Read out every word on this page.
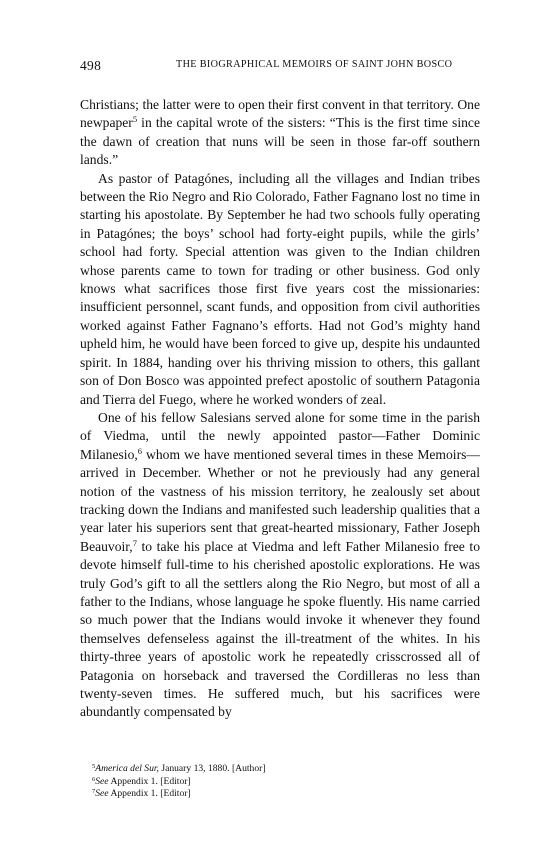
498	THE BIOGRAPHICAL MEMOIRS OF SAINT JOHN BOSCO

Christians; the latter were to open their first convent in that territory. One newpaper$^5$ in the capital wrote of the sisters: “This is the first time since the dawn of creation that nuns will be seen in those far-off southern lands.”

As pastor of Patagónes, including all the villages and Indian tribes between the Rio Negro and Rio Colorado, Father Fagnano lost no time in starting his apostolate. By September he had two schools fully operating in Patagónes; the boys’ school had forty-eight pupils, while the girls’ school had forty. Special attention was given to the Indian children whose parents came to town for trading or other business. God only knows what sacrifices those first five years cost the missionaries: insufficient personnel, scant funds, and opposition from civil authorities worked against Father Fagnano’s efforts. Had not God’s mighty hand upheld him, he would have been forced to give up, despite his undaunted spirit. In 1884, handing over his thriving mission to others, this gallant son of Don Bosco was appointed prefect apostolic of southern Patagonia and Tierra del Fuego, where he worked wonders of zeal.

One of his fellow Salesians served alone for some time in the parish of Viedma, until the newly appointed pastor—Father Dominic Milanesio,$^6$ whom we have mentioned several times in these Memoirs—arrived in December. Whether or not he previously had any general notion of the vastness of his mission territory, he zealously set about tracking down the Indians and manifested such leadership qualities that a year later his superiors sent that great-hearted missionary, Father Joseph Beauvoir,$^7$ to take his place at Viedma and left Father Milanesio free to devote himself full-time to his cherished apostolic explorations. He was truly God’s gift to all the settlers along the Rio Negro, but most of all a father to the Indians, whose language he spoke fluently. His name carried so much power that the Indians would invoke it whenever they found themselves defenseless against the ill-treatment of the whites. In his thirty-three years of apostolic work he repeatedly crisscrossed all of Patagonia on horseback and traversed the Cordilleras no less than twenty-seven times. He suffered much, but his sacrifices were abundantly compensated by

$^5$America del Sur, January 13, 1880. [Author]

$^6$See Appendix 1. [Editor]

$^7$See Appendix 1. [Editor]
